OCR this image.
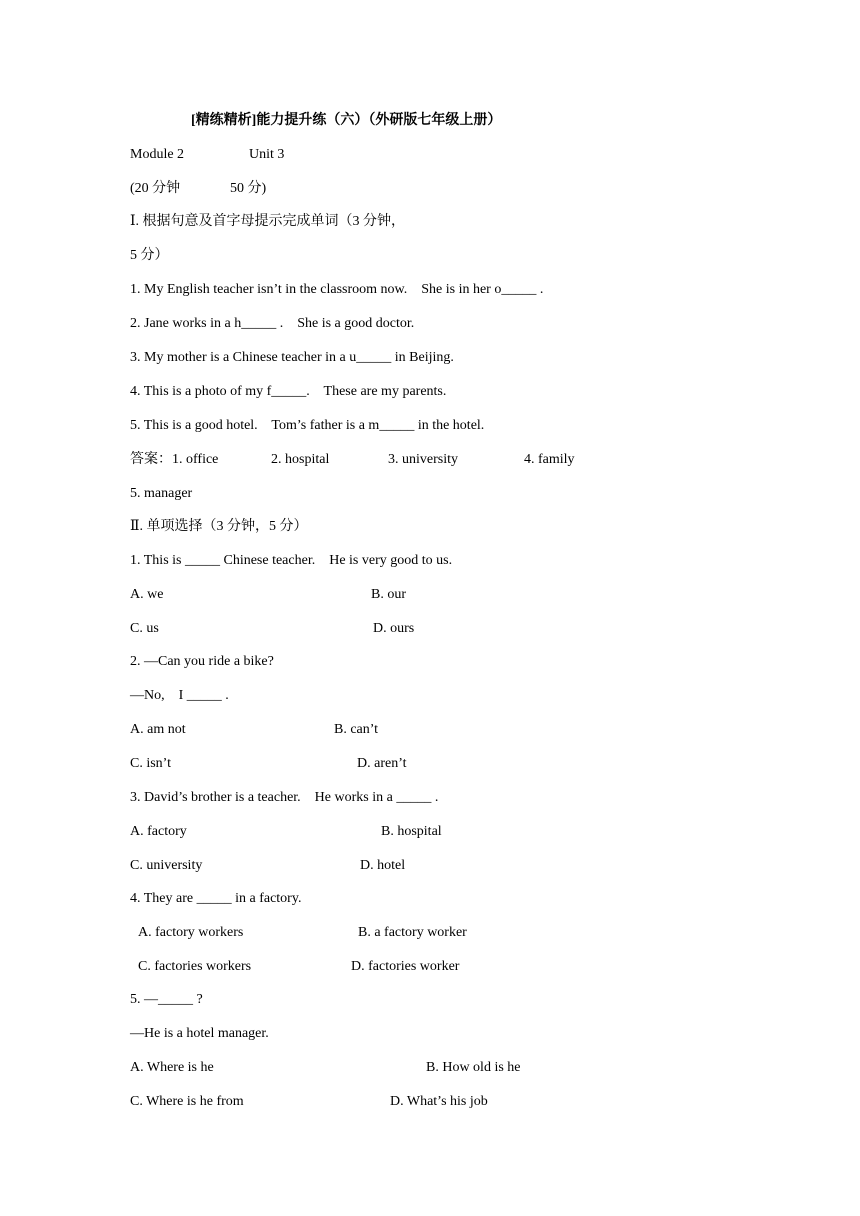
[精练精析]能力提升练（六）（外研版七年级上册）
Module 2	Unit 3
(20 分钟	50 分)
Ⅰ. 根据句意及首字母提示完成单词（3 分钟，
5 分）
1. My English teacher isn’t in the classroom now.    She is in her o_____ .
2. Jane works in a h_____ .    She is a good doctor.
3. My mother is a Chinese teacher in a u_____ in Beijing.
4. This is a photo of my f_____.    These are my parents.
5. This is a good hotel.    Tom’s father is a m_____ in the hotel.
答案：1. office	2. hospital	3. university	4. family
5. manager
Ⅱ. 单项选择（3 分钟，5 分）
1. This is _____ Chinese teacher.    He is very good to us.
A. we	B. our
C. us	D. ours
2. —Can you ride a bike?
—No,    I _____ .
A. am not	B. can’t
C. isn’t	D. aren’t
3. David’s brother is a teacher.    He works in a _____ .
A. factory	B. hospital
C. university	D. hotel
4. They are _____ in a factory.
A. factory workers	B. a factory worker
C. factories workers	D. factories worker
5. —_____ ?
—He is a hotel manager.
A. Where is he	B. How old is he
C. Where is he from	D. What’s his job
